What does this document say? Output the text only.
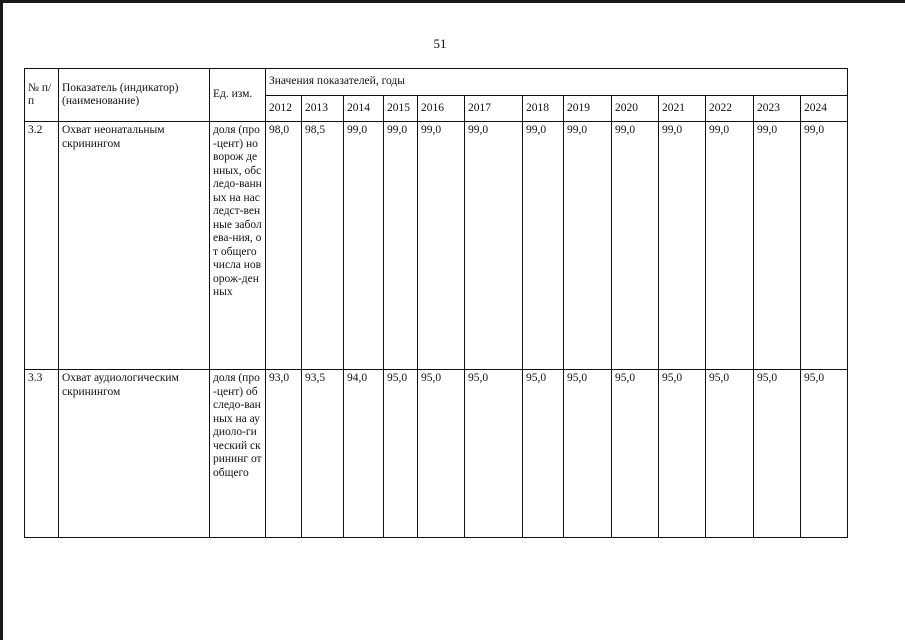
51
№ п/п	Показатель (индикатор) (наименование)	Ед. изм.	Значения показателей, годы												
			2012	2013	2014	2015	2016	2017	2018	2019	2020	2021	2022	2023	2024
3.2	Охват неонатальным скринингом	доля (про-цент) новорож денных, обследо-ванных на наследст-венные заболева-ния, от общего числа новорож-денных	98,0	98,5	99,0	99,0	99,0	99,0	99,0	99,0	99,0	99,0	99,0	99,0	99,0
3.3	Охват аудиологическим скринингом	доля (про-цент) обследо-ванных на аудиоло-гический скрининг от общего	93,0	93,5	94,0	95,0	95,0	95,0	95,0	95,0	95,0	95,0	95,0	95,0	95,0
